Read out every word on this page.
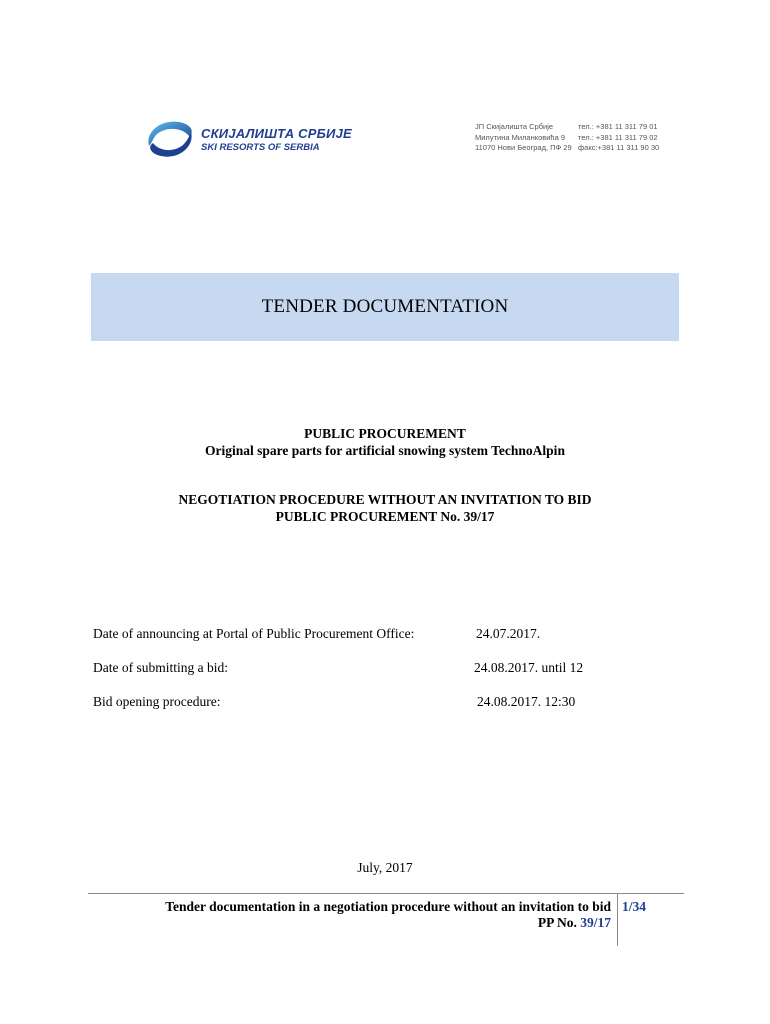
СКИЈАЛИШТА СРБИЈЕ
SKI RESORTS OF SERBIA
ЈП Скијалишта Србије
Милутина Миланковића 9
11070 Нови Београд, ПФ 29
тел.: +381 11 311 79 01
тел.: +381 11 311 79 02
факс:+381 11 311 90 30
TENDER DOCUMENTATION
PUBLIC PROCUREMENT
Original spare parts for artificial snowing system TechnoAlpin
NEGOTIATION PROCEDURE WITHOUT AN INVITATION TO BID
PUBLIC PROCUREMENT No. 39/17
Date of announcing at Portal of Public Procurement Office:	24.07.2017.
Date of submitting a bid:	24.08.2017. until 12
Bid opening procedure:	24.08.2017. 12:30
July, 2017
Tender documentation in a negotiation procedure without an invitation to bid
PP No. 39/17
1/34
